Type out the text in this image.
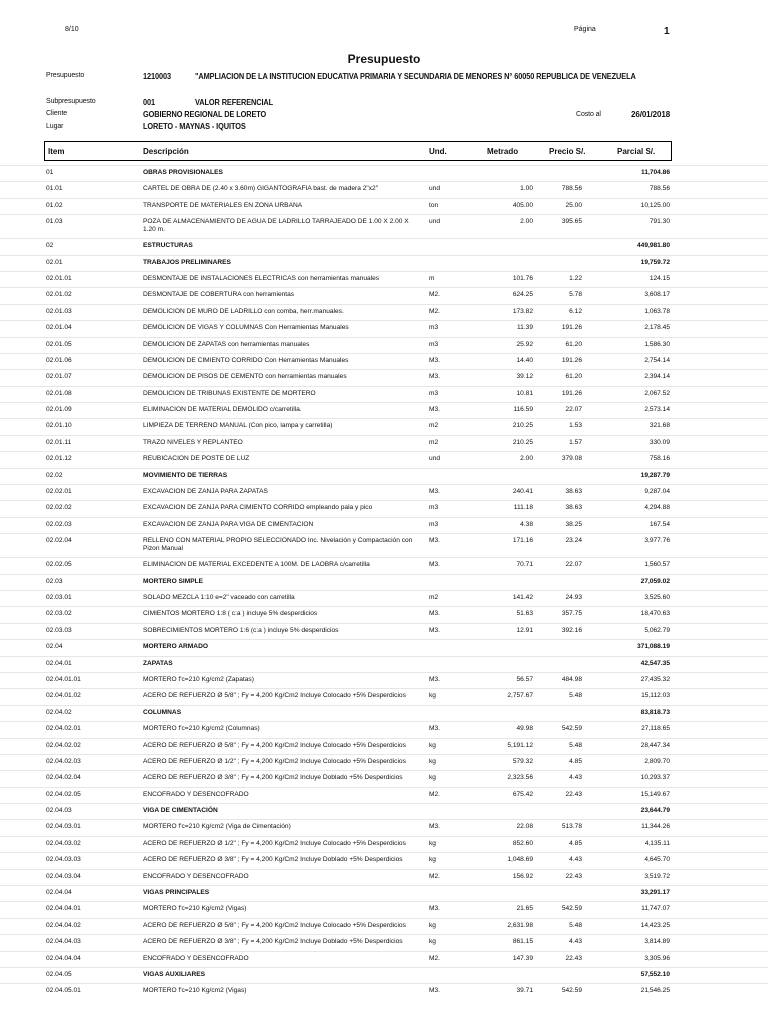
8/10	Página	1
Presupuesto
Presupuesto	1210003	"AMPLIACION DE LA INSTITUCION EDUCATIVA PRIMARIA Y SECUNDARIA DE MENORES N° 60050 REPUBLICA DE VENEZUELA
Subpresupuesto	001	VALOR REFERENCIAL
Cliente	GOBIERNO REGIONAL DE LORETO	Costo al	26/01/2018
Lugar	LORETO - MAYNAS - IQUITOS
Item	Descripción	Und.	Metrado	Precio S/.	Parcial S/.
01	OBRAS PROVISIONALES	11,704.86
01.01	CARTEL DE OBRA DE (2.40 x 3.60m) GIGANTOGRAFIA bast. de madera 2"x2"	und	1.00	788.56	788.56
01.02	TRANSPORTE DE MATERIALES EN ZONA URBANA	ton	405.00	25.00	10,125.00
01.03	POZA DE ALMACENAMIENTO DE AGUA DE LADRILLO TARRAJEADO DE 1.00 X 2.00 X 1.20 m.
und	2.00	395.65	791.30
02	ESTRUCTURAS	449,981.80
02.01	TRABAJOS PRELIMINARES	19,759.72
02.01.01	DESMONTAJE DE INSTALACIONES ELECTRICAS con herramientas manuales	m	101.76	1.22	124.15
02.01.02	DESMONTAJE DE COBERTURA con herramientas	M2.	624.25	5.78	3,608.17
02.01.03	DEMOLICION DE MURO DE LADRILLO con comba, herr.manuales.	M2.	173.82	6.12	1,063.78
02.01.04	DEMOLICION DE VIGAS Y COLUMNAS Con Herramientas Manuales	m3	11.39	191.26	2,178.45
02.01.05	DEMOLICION DE ZAPATAS con herramientas manuales	m3	25.92	61.20	1,586.30
02.01.06	DEMOLICION DE CIMIENTO CORRIDO Con Herramientas Manuales	M3.	14.40	191.26	2,754.14
02.01.07	DEMOLICION DE PISOS DE CEMENTO con herramientas manuales	M3.	39.12	61.20	2,394.14
02.01.08	DEMOLICION DE TRIBUNAS EXISTENTE DE MORTERO	m3	10.81	191.26	2,067.52
02.01.09	ELIMINACION DE MATERIAL DEMOLIDO c/carretilla.	M3.	116.59	22.07	2,573.14
02.01.10	LIMPIEZA DE TERRENO MANUAL (Con pico, lampa y carretilla)	m2	210.25	1.53	321.68
02.01.11	TRAZO NIVELES Y REPLANTEO	m2	210.25	1.57	330.09
02.01.12	REUBICACION DE POSTE DE LUZ	und	2.00	379.08	758.16
02.02	MOVIMIENTO DE TIERRAS	19,287.79
02.02.01	EXCAVACION DE ZANJA PARA ZAPATAS	M3.	240.41	38.63	9,287.04
02.02.02	EXCAVACION DE ZANJA PARA CIMIENTO CORRIDO empleando pala y pico	m3	111.18	38.63	4,294.88
02.02.03	EXCAVACION DE ZANJA PARA VIGA DE CIMENTACION	m3	4.38	38.25	167.54
02.02.04	RELLENO CON MATERIAL PROPIO SELECCIONADO Inc. Nivelación y Compactación con Pizon Manual
M3.	171.16	23.24	3,977.76
02.02.05	ELIMINACION DE MATERIAL EXCEDENTE A 100M. DE LAOBRA c/carretilla	M3.	70.71	22.07	1,560.57
02.03	MORTERO SIMPLE	27,059.02
02.03.01	SOLADO MEZCLA 1:10 e=2" vaceado con carretilla	m2	141.42	24.93	3,525.60
02.03.02	CIMIENTOS MORTERO 1:8 ( c:a ) incluye 5% desperdicios	M3.	51.63	357.75	18,470.63
02.03.03	SOBRECIMIENTOS MORTERO 1:6 (c:a ) incluye 5% desperdicios	M3.	12.91	392.16	5,062.79
02.04	MORTERO ARMADO	371,088.19
02.04.01	ZAPATAS	42,547.35
02.04.01.01	MORTERO f'c=210 Kg/cm2 (Zapatas)	M3.	56.57	484.98	27,435.32
02.04.01.02	ACERO DE REFUERZO Ø 5/8" ; Fy = 4,200 Kg/Cm2 Incluye Colocado +5% Desperdicios	kg	2,757.67	5.48	15,112.03
02.04.02	COLUMNAS	83,818.73
02.04.02.01	MORTERO f'c=210 Kg/cm2 (Columnas)	M3.	49.98	542.59	27,118.65
02.04.02.02	ACERO DE REFUERZO Ø 5/8" ; Fy = 4,200 Kg/Cm2 Incluye Colocado +5% Desperdicios	kg	5,191.12	5.48	28,447.34
02.04.02.03	ACERO DE REFUERZO Ø 1/2" ; Fy = 4,200 Kg/Cm2 Incluye Colocado +5% Desperdicios	kg	579.32	4.85	2,809.70
02.04.02.04	ACERO DE REFUERZO Ø 3/8" ; Fy = 4,200 Kg/Cm2 Incluye Doblado +5% Desperdicios	kg	2,323.56	4.43	10,293.37
02.04.02.05	ENCOFRADO Y DESENCOFRADO	M2.	675.42	22.43	15,149.67
02.04.03	VIGA DE CIMENTACIÓN	23,644.79
02.04.03.01	MORTERO f'c=210 Kg/cm2 (Viga de Cimentación)	M3.	22.08	513.78	11,344.26
02.04.03.02	ACERO DE REFUERZO Ø 1/2" ; Fy = 4,200 Kg/Cm2 Incluye Colocado +5% Desperdicios	kg	852.60	4.85	4,135.11
02.04.03.03	ACERO DE REFUERZO Ø 3/8" ; Fy = 4,200 Kg/Cm2 Incluye Doblado +5% Desperdicios	kg	1,048.69	4.43	4,645.70
02.04.03.04	ENCOFRADO Y DESENCOFRADO	M2.	156.92	22.43	3,519.72
02.04.04	VIGAS PRINCIPALES	33,291.17
02.04.04.01	MORTERO f'c=210 Kg/cm2 (Vigas)	M3.	21.65	542.59	11,747.07
02.04.04.02	ACERO DE REFUERZO Ø 5/8" ; Fy = 4,200 Kg/Cm2 Incluye Colocado +5% Desperdicios	kg	2,631.98	5.48	14,423.25
02.04.04.03	ACERO DE REFUERZO Ø 3/8" ; Fy = 4,200 Kg/Cm2 Incluye Doblado +5% Desperdicios	kg	861.15	4.43	3,814.89
02.04.04.04	ENCOFRADO Y DESENCOFRADO	M2.	147.39	22.43	3,305.96
02.04.05	VIGAS AUXILIARES	57,552.10
02.04.05.01	MORTERO f'c=210 Kg/cm2 (Vigas)	M3.	39.71	542.59	21,546.25
